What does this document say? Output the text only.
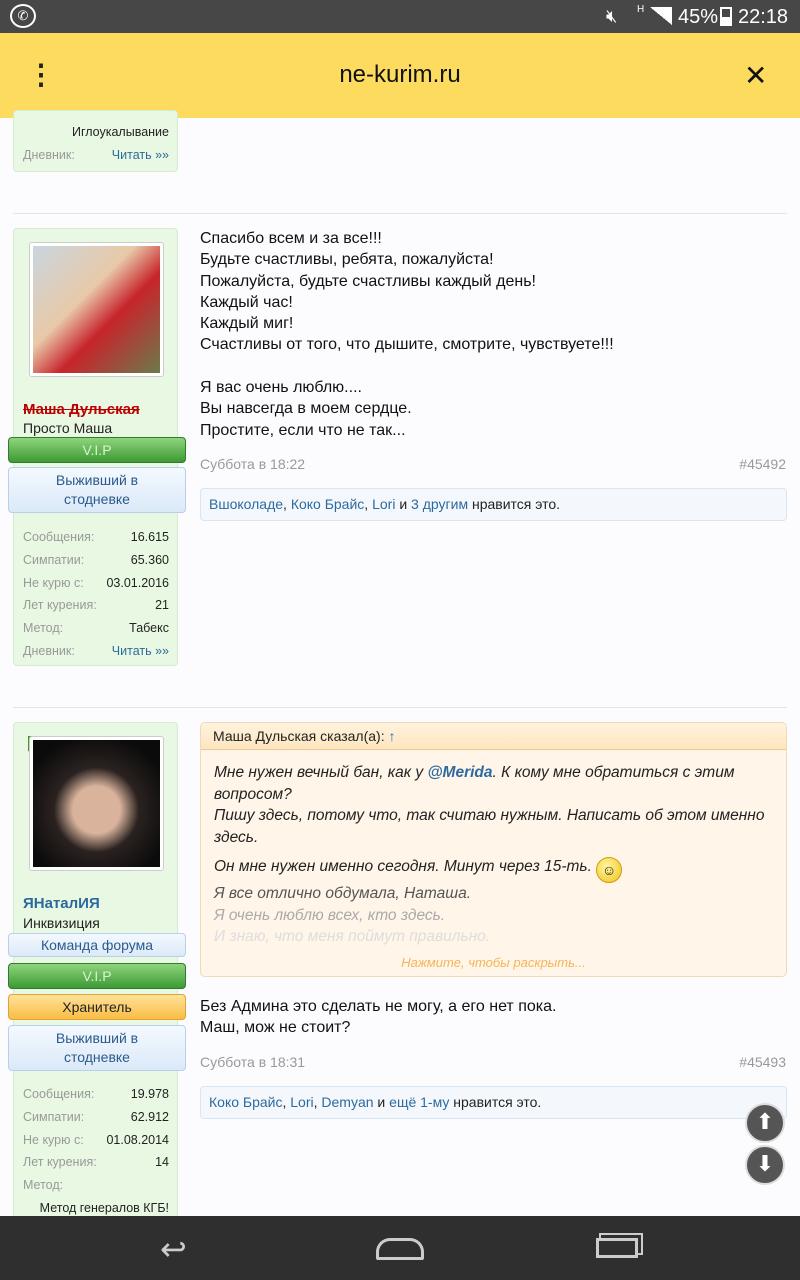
✆	🔇︎ H 45% 22:18
⋮	ne-kurim.ru	✕
Иглоукалывание
Дневник:	Читать »»
Маша Дульская
Просто Маша
V.I.P
Выживший в стодневке
Сообщения:	16.615
Симпатии:	65.360
Не курю с: 03.01.2016
Лет курения:	21
Метод:	Табекс
Дневник:	Читать »»
Спасибо всем и за все!!!
Будьте счастливы, ребята, пожалуйста!
Пожалуйста, будьте счастливы каждый день!
Каждый час!
Каждый миг!
Счастливы от того, что дышите, смотрите, чувствуете!!!
Я вас очень люблю....
Вы навсегда в моем сердце.
Простите, если что не так...
Суббота в 18:22	#45492
Вшоколаде, Коко Брайс, Lori и 3 другим нравится это.
ЯНаталИЯ
Инквизиция
Команда форума
V.I.P
Хранитель
Выживший в стодневке
Сообщения:	19.978
Симпатии:	62.912
Не курю с: 01.08.2014
Лет курения:	14
Метод:
Метод генералов КГБ!
Маша Дульская сказал(а): ↑
Мне нужен вечный бан, как у @Merida. К кому мне обратиться с этим вопросом?
Пишу здесь, потому что, так считаю нужным. Написать об этом именно здесь.
Он мне нужен именно сегодня. Минут через 15-ть. ☺
Я все отлично обдумала, Наташа.
Я очень люблю всех, кто здесь.
И знаю, что меня поймут правильно.
Нажмите, чтобы раскрыть...
Без Админа это сделать не могу, а его нет пока.
Маш, мож не стоит?
Суббота в 18:31	#45493
Коко Брайс, Lori, Demyan и ещё 1-му нравится это.
⬆
⬇
↩
